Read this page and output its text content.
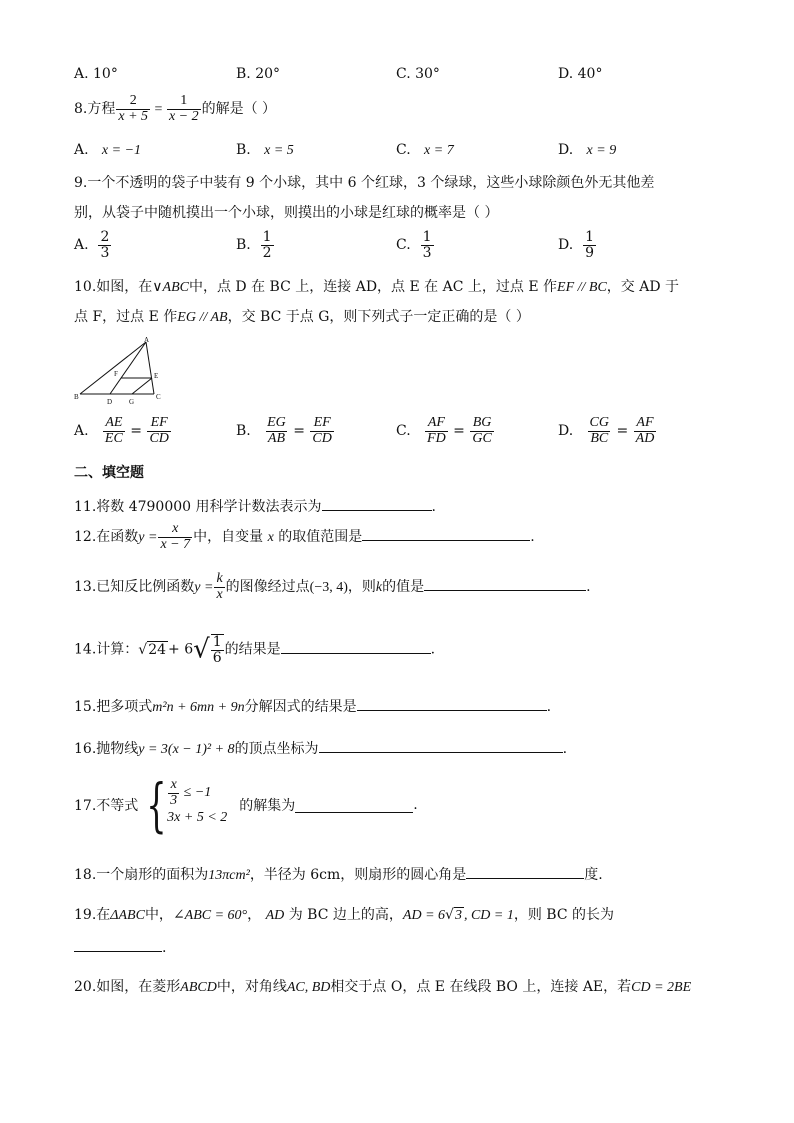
A. 10°	B. 20°	C. 30°	D. 40°
8.方程 $\frac{2}{x + 5} = \frac{1}{x - 2}$ 的解是（ ）
A. x = −1	B. x = 5	C. x = 7	D. x = 9
9.一个不透明的袋子中装有 9 个小球，其中 6 个红球，3 个绿球，这些小球除颜色外无其他差
别，从袋子中随机摸出一个小球，则摸出的小球是红球的概率是（ ）
A. $\frac{2}{3}$	B. $\frac{1}{2}$	C. $\frac{1}{3}$	D. $\frac{1}{9}$
10.如图，在∨ABC中，点 D 在 BC 上，连接 AD，点 E 在 AC 上，过点 E 作EF // BC，交 AD 于
点 F，过点 E 作EG // AB，交 BC 于点 G，则下列式子一定正确的是（ ）
A
B	C
D
E
F
G
A. $\frac{AE}{EC} = \frac{EF}{CD}$	B. $\frac{EG}{AB} = \frac{EF}{CD}$	C. $\frac{AF}{FD} = \frac{BG}{GC}$	D. $\frac{CG}{BC} = \frac{AF}{AD}$
二、填空题
11.将数 4790000 用科学计数法表示为	.
12.在函数$y = \frac{x}{x - 7}$ 中，自变量 x 的取值范围是	.
13.已知反比例函数$y = \frac{k}{x}$ 的图像经过点(−3, 4)，则k的值是	.
14.计算：$√24 + 6√ \frac{1}{6}$ 的结果是	.
15.把多项式m²n + 6mn + 9n分解因式的结果是	.
16.抛物线y = 3(x − 1)² + 8的顶点坐标为	.
17.不等式 { $\frac{x}{3}$
≤ −1
3x + 5 < 2
的解集为	.
18.一个扇形的面积为13πcm²，半径为 6cm，则扇形的圆心角是	度.
19.在ΔABC中，∠ABC = 60°， AD 为 BC 边上的高，AD = 6√3 , CD = 1，则 BC 的长为
.
20.如图，在菱形ABCD中，对角线AC, BD相交于点 O，点 E 在线段 BO 上，连接 AE，若CD = 2BE
